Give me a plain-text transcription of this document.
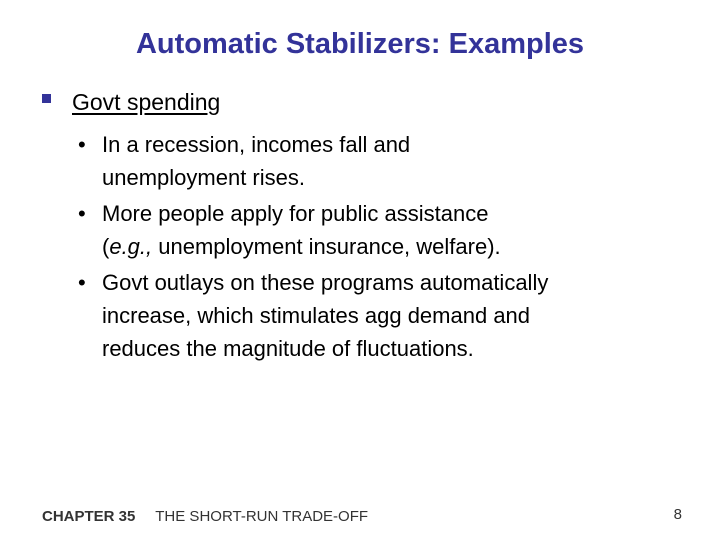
Automatic Stabilizers: Examples
Govt spending
• In a recession, incomes fall and
unemployment rises.
• More people apply for public assistance
(e.g., unemployment insurance, welfare).
• Govt outlays on these programs automatically
increase, which stimulates agg demand and
reduces the magnitude of fluctuations.
CHAPTER 35 THE SHORT-RUN TRADE-OFF	8
